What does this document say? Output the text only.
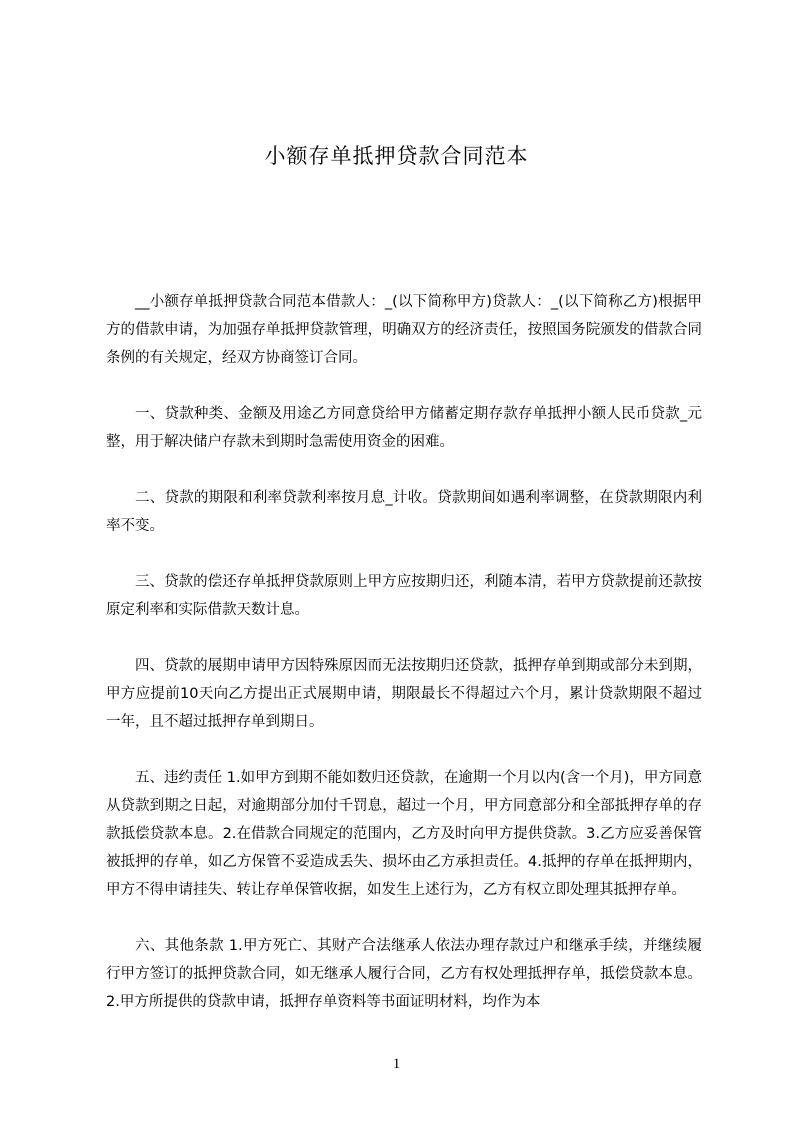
小额存单抵押贷款合同范本

__小额存单抵押贷款合同范本借款人：_(以下简称甲方)贷款人：_(以下简称乙方)根据甲方的借款申请，为加强存单抵押贷款管理，明确双方的经济责任，按照国务院颁发的借款合同条例的有关规定，经双方协商签订合同。

一、贷款种类、金额及用途乙方同意贷给甲方储蓄定期存款存单抵押小额人民币贷款_元整，用于解决储户存款未到期时急需使用资金的困难。

二、贷款的期限和利率贷款利率按月息_计收。贷款期间如遇利率调整，在贷款期限内利率不变。

三、贷款的偿还存单抵押贷款原则上甲方应按期归还，利随本清，若甲方贷款提前还款按原定利率和实际借款天数计息。

四、贷款的展期申请甲方因特殊原因而无法按期归还贷款，抵押存单到期或部分未到期，甲方应提前10天向乙方提出正式展期申请，期限最长不得超过六个月，累计贷款期限不超过一年，且不超过抵押存单到期日。

五、违约责任 1.如甲方到期不能如数归还贷款，在逾期一个月以内(含一个月)，甲方同意从贷款到期之日起，对逾期部分加付千罚息，超过一个月，甲方同意部分和全部抵押存单的存款抵偿贷款本息。2.在借款合同规定的范围内，乙方及时向甲方提供贷款。3.乙方应妥善保管被抵押的存单，如乙方保管不妥造成丢失、损坏由乙方承担责任。4.抵押的存单在抵押期内，甲方不得申请挂失、转让存单保管收据，如发生上述行为，乙方有权立即处理其抵押存单。

六、其他条款 1.甲方死亡、其财产合法继承人依法办理存款过户和继承手续，并继续履行甲方签订的抵押贷款合同，如无继承人履行合同，乙方有权处理抵押存单，抵偿贷款本息。2.甲方所提供的贷款申请，抵押存单资料等书面证明材料，均作为本

1
